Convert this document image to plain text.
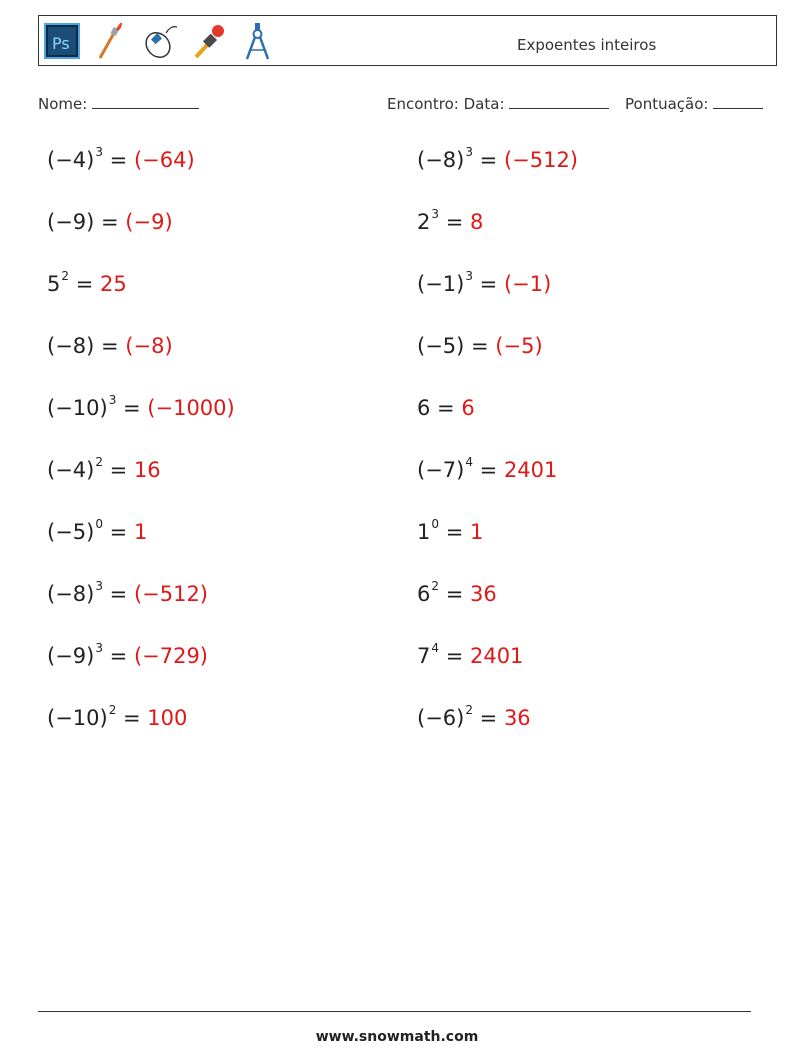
Ps	Expoentes inteiros
Nome:	Encontro: Data:	Pontuação:
$(-4)^3 = (-64)$
(−9) = (−9)
$5^2 = 25$
(−8) = (−8)
$(-10)^3 = (-1000)$
$(-4)^2 = 16$
$(-5)^0 = 1$
$(-8)^3 = (-512)$
$(-9)^3 = (-729)$
$(-10)^2 = 100$
$(-8)^3 = (-512)$
$2^3 = 8$
$(-1)^3 = (-1)$
(−5) = (−5)
6 = 6
$(-7)^4 = 2401$
$1^0 = 1$
$6^2 = 36$
$7^4 = 2401$
$(-6)^2 = 36$
www.snowmath.com
